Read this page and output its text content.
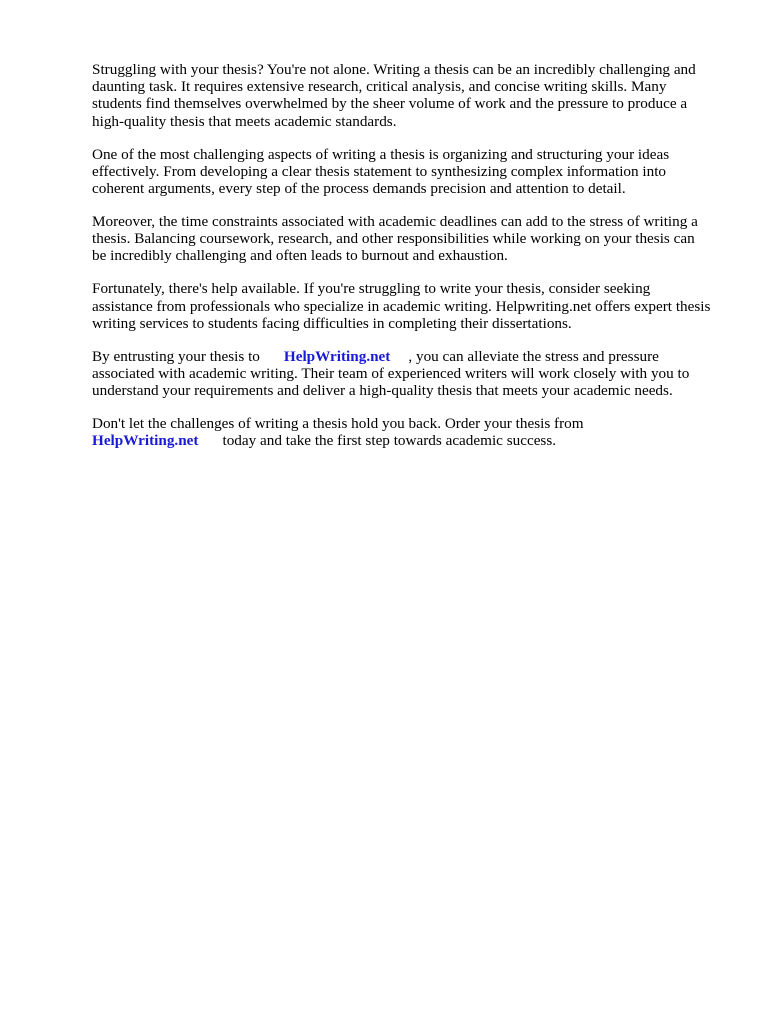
Struggling with your thesis? You're not alone. Writing a thesis can be an incredibly challenging and
daunting task. It requires extensive research, critical analysis, and concise writing skills. Many
students find themselves overwhelmed by the sheer volume of work and the pressure to produce a
high-quality thesis that meets academic standards.

One of the most challenging aspects of writing a thesis is organizing and structuring your ideas
effectively. From developing a clear thesis statement to synthesizing complex information into
coherent arguments, every step of the process demands precision and attention to detail.

Moreover, the time constraints associated with academic deadlines can add to the stress of writing a
thesis. Balancing coursework, research, and other responsibilities while working on your thesis can
be incredibly challenging and often leads to burnout and exhaustion.

Fortunately, there's help available. If you're struggling to write your thesis, consider seeking
assistance from professionals who specialize in academic writing. Helpwriting.net offers expert thesis
writing services to students facing difficulties in completing their dissertations.

By entrusting your thesis to HelpWriting.net , you can alleviate the stress and pressure
associated with academic writing. Their team of experienced writers will work closely with you to
understand your requirements and deliver a high-quality thesis that meets your academic needs.

Don't let the challenges of writing a thesis hold you back. Order your thesis from
HelpWriting.net today and take the first step towards academic success.
